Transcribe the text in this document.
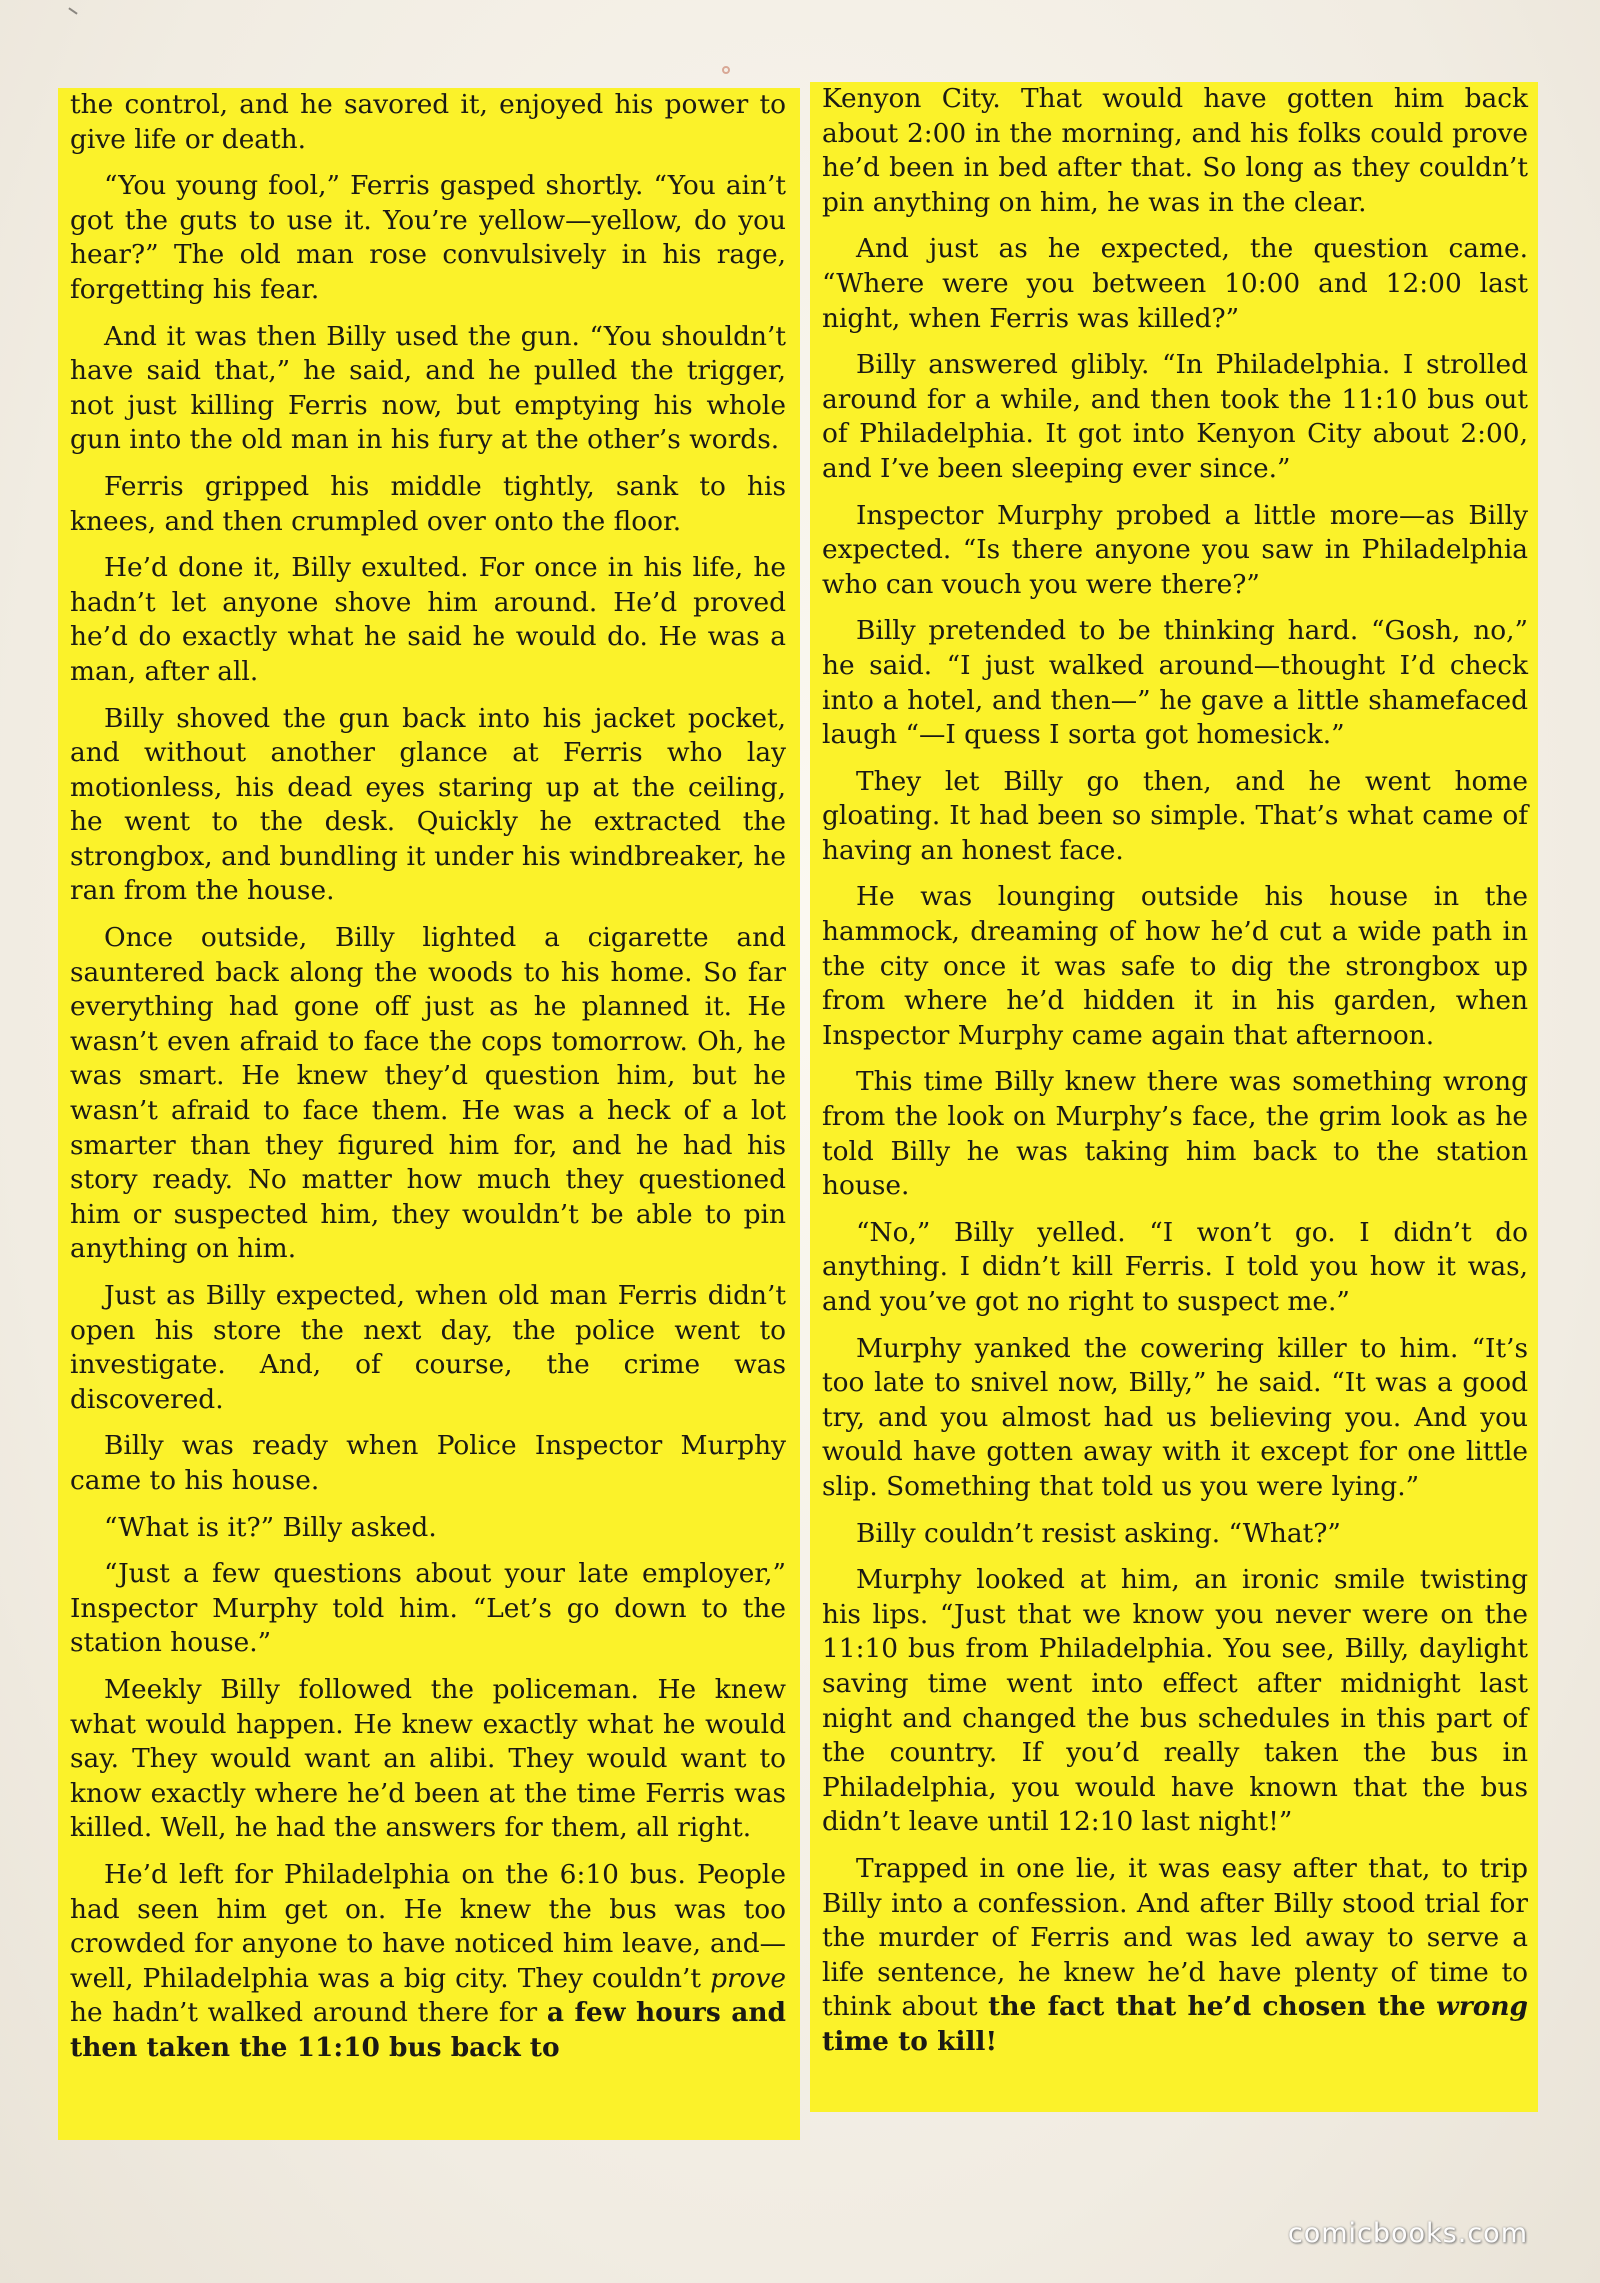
the control, and he savored it, enjoyed his power to give life or death.

“You young fool,” Ferris gasped shortly. “You ain’t got the guts to use it. You’re yellow—yellow, do you hear?” The old man rose convulsively in his rage, forgetting his fear.

And it was then Billy used the gun. “You shouldn’t have said that,” he said, and he pulled the trigger, not just killing Ferris now, but emptying his whole gun into the old man in his fury at the other’s words.

Ferris gripped his middle tightly, sank to his knees, and then crumpled over onto the floor.

He’d done it, Billy exulted. For once in his life, he hadn’t let anyone shove him around. He’d proved he’d do exactly what he said he would do. He was a man, after all.

Billy shoved the gun back into his jacket pocket, and without another glance at Ferris who lay motionless, his dead eyes staring up at the ceiling, he went to the desk. Quickly he extracted the strongbox, and bundling it under his windbreaker, he ran from the house.

Once outside, Billy lighted a cigarette and sauntered back along the woods to his home. So far everything had gone off just as he planned it. He wasn’t even afraid to face the cops tomorrow. Oh, he was smart. He knew they’d question him, but he wasn’t afraid to face them. He was a heck of a lot smarter than they figured him for, and he had his story ready. No matter how much they questioned him or suspected him, they wouldn’t be able to pin anything on him.

Just as Billy expected, when old man Ferris didn’t open his store the next day, the police went to investigate. And, of course, the crime was discovered.

Billy was ready when Police Inspector Murphy came to his house.

“What is it?” Billy asked.

“Just a few questions about your late employer,” Inspector Murphy told him. “Let’s go down to the station house.”

Meekly Billy followed the policeman. He knew what would happen. He knew exactly what he would say. They would want an alibi. They would want to know exactly where he’d been at the time Ferris was killed. Well, he had the answers for them, all right.

He’d left for Philadelphia on the 6:10 bus. People had seen him get on. He knew the bus was too crowded for anyone to have noticed him leave, and—well, Philadelphia was a big city. They couldn’t prove he hadn’t walked around there for a few hours and then taken the 11:10 bus back to

Kenyon City. That would have gotten him back about 2:00 in the morning, and his folks could prove he’d been in bed after that. So long as they couldn’t pin anything on him, he was in the clear.

And just as he expected, the question came. “Where were you between 10:00 and 12:00 last night, when Ferris was killed?”

Billy answered glibly. “In Philadelphia. I strolled around for a while, and then took the 11:10 bus out of Philadelphia. It got into Kenyon City about 2:00, and I’ve been sleeping ever since.”

Inspector Murphy probed a little more—as Billy expected. “Is there anyone you saw in Philadelphia who can vouch you were there?”

Billy pretended to be thinking hard. “Gosh, no,” he said. “I just walked around—thought I’d check into a hotel, and then—” he gave a little shamefaced laugh “—I quess I sorta got homesick.”

They let Billy go then, and he went home gloating. It had been so simple. That’s what came of having an honest face.

He was lounging outside his house in the hammock, dreaming of how he’d cut a wide path in the city once it was safe to dig the strongbox up from where he’d hidden it in his garden, when Inspector Murphy came again that afternoon.

This time Billy knew there was something wrong from the look on Murphy’s face, the grim look as he told Billy he was taking him back to the station house.

“No,” Billy yelled. “I won’t go. I didn’t do anything. I didn’t kill Ferris. I told you how it was, and you’ve got no right to suspect me.”

Murphy yanked the cowering killer to him. “It’s too late to snivel now, Billy,” he said. “It was a good try, and you almost had us believing you. And you would have gotten away with it except for one little slip. Something that told us you were lying.”

Billy couldn’t resist asking. “What?”

Murphy looked at him, an ironic smile twisting his lips. “Just that we know you never were on the 11:10 bus from Philadelphia. You see, Billy, daylight saving time went into effect after midnight last night and changed the bus schedules in this part of the country. If you’d really taken the bus in Philadelphia, you would have known that the bus didn’t leave until 12:10 last night!”

Trapped in one lie, it was easy after that, to trip Billy into a confession. And after Billy stood trial for the murder of Ferris and was led away to serve a life sentence, he knew he’d have plenty of time to think about the fact that he’d chosen the wrong time to kill!

comicbooks.com
